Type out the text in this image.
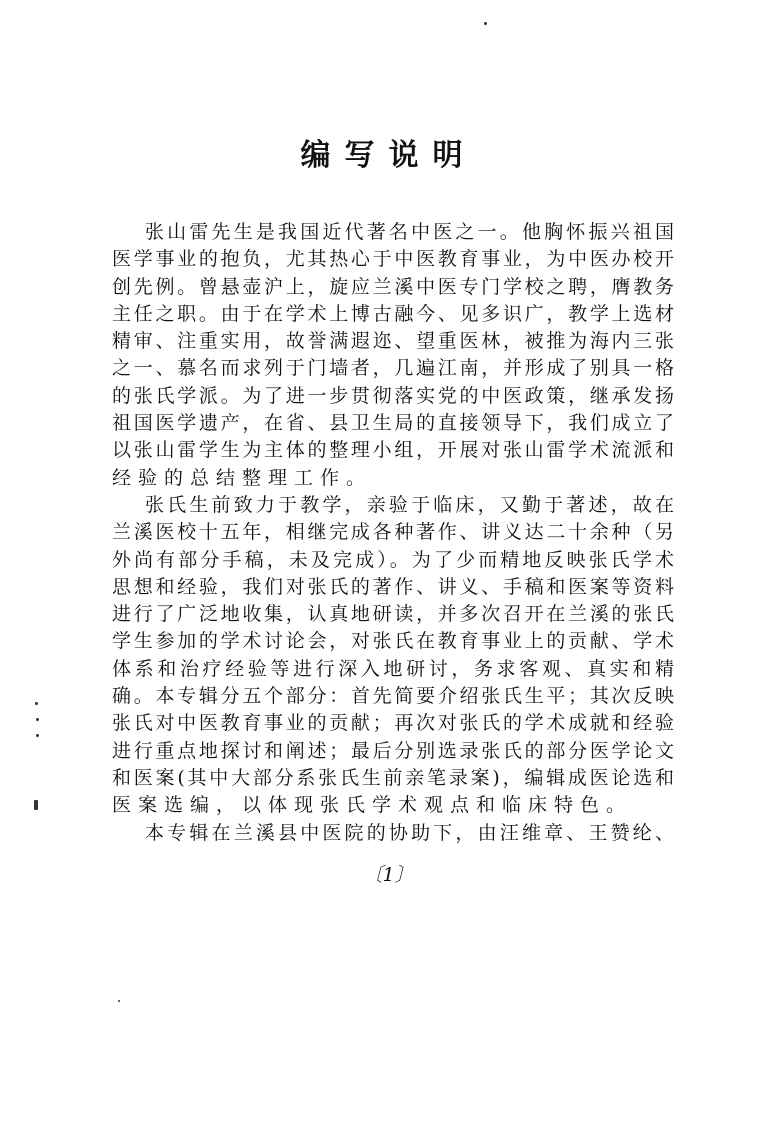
编写说明
张山雷先生是我国近代著名中医之一。他胸怀振兴祖国
医学事业的抱负，尤其热心于中医教育事业，为中医办校开
创先例。曾悬壶沪上，旋应兰溪中医专门学校之聘，膺教务
主任之职。由于在学术上博古融今、见多识广，教学上选材
精审、注重实用，故誉满遐迩、望重医林，被推为海内三张
之一、慕名而求列于门墙者，几遍江南，并形成了别具一格
的张氏学派。为了进一步贯彻落实党的中医政策，继承发扬
祖国医学遗产，在省、县卫生局的直接领导下，我们成立了
以张山雷学生为主体的整理小组，开展对张山雷学术流派和
经验的总结整理工作。
张氏生前致力于教学，亲验于临床，又勤于著述，故在
兰溪医校十五年，相继完成各种著作、讲义达二十余种（另
外尚有部分手稿，未及完成）。为了少而精地反映张氏学术
思想和经验，我们对张氏的著作、讲义、手稿和医案等资料
进行了广泛地收集，认真地研读，并多次召开在兰溪的张氏
学生参加的学术讨论会，对张氏在教育事业上的贡献、学术
体系和治疗经验等进行深入地研讨，务求客观、真实和精
确。本专辑分五个部分：首先简要介绍张氏生平；其次反映
张氏对中医教育事业的贡献；再次对张氏的学术成就和经验
进行重点地探讨和阐述；最后分别选录张氏的部分医学论文
和医案(其中大部分系张氏生前亲笔录案)，编辑成医论选和
医案选编，以体现张氏学术观点和临床特色。
本专辑在兰溪县中医院的协助下，由汪维章、王赞纶、
〔1〕
